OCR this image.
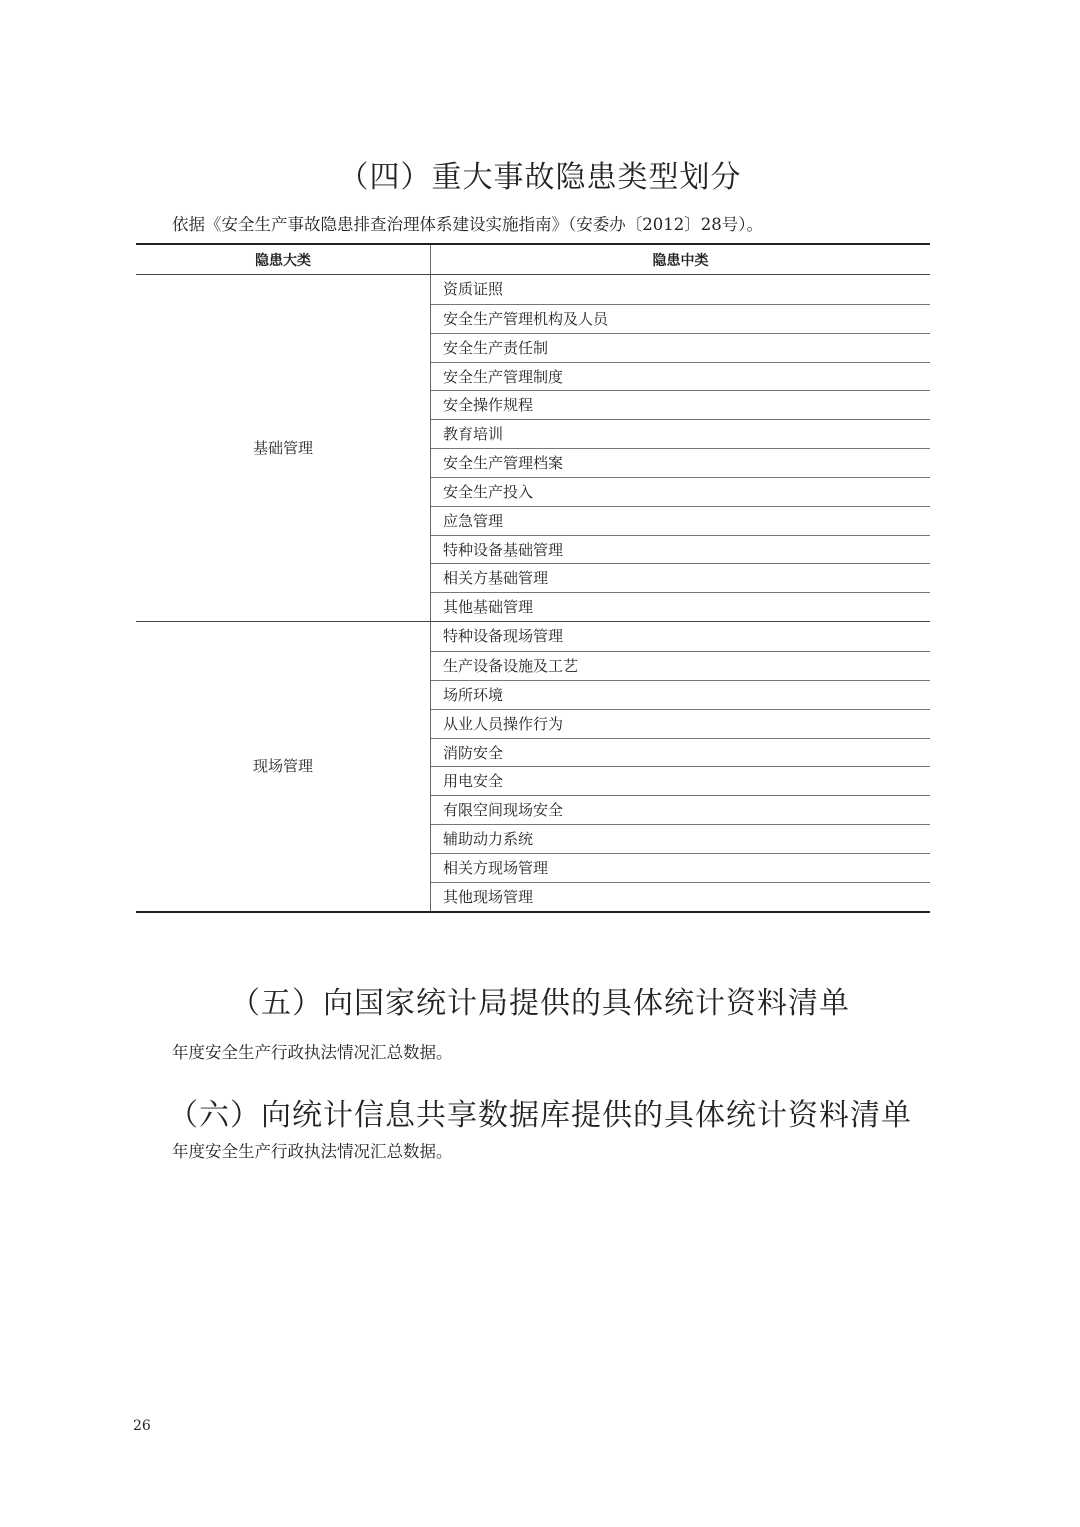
（四）重大事故隐患类型划分

依据《安全生产事故隐患排查治理体系建设实施指南》（安委办〔2012〕28号）。

隐患大类	隐患中类
基础管理
资质证照
安全生产管理机构及人员
安全生产责任制
安全生产管理制度
安全操作规程
教育培训
安全生产管理档案
安全生产投入
应急管理
特种设备基础管理
相关方基础管理
其他基础管理
现场管理
特种设备现场管理
生产设备设施及工艺
场所环境
从业人员操作行为
消防安全
用电安全
有限空间现场安全
辅助动力系统
相关方现场管理
其他现场管理
（五）向国家统计局提供的具体统计资料清单

年度安全生产行政执法情况汇总数据。

（六）向统计信息共享数据库提供的具体统计资料清单

年度安全生产行政执法情况汇总数据。

26
